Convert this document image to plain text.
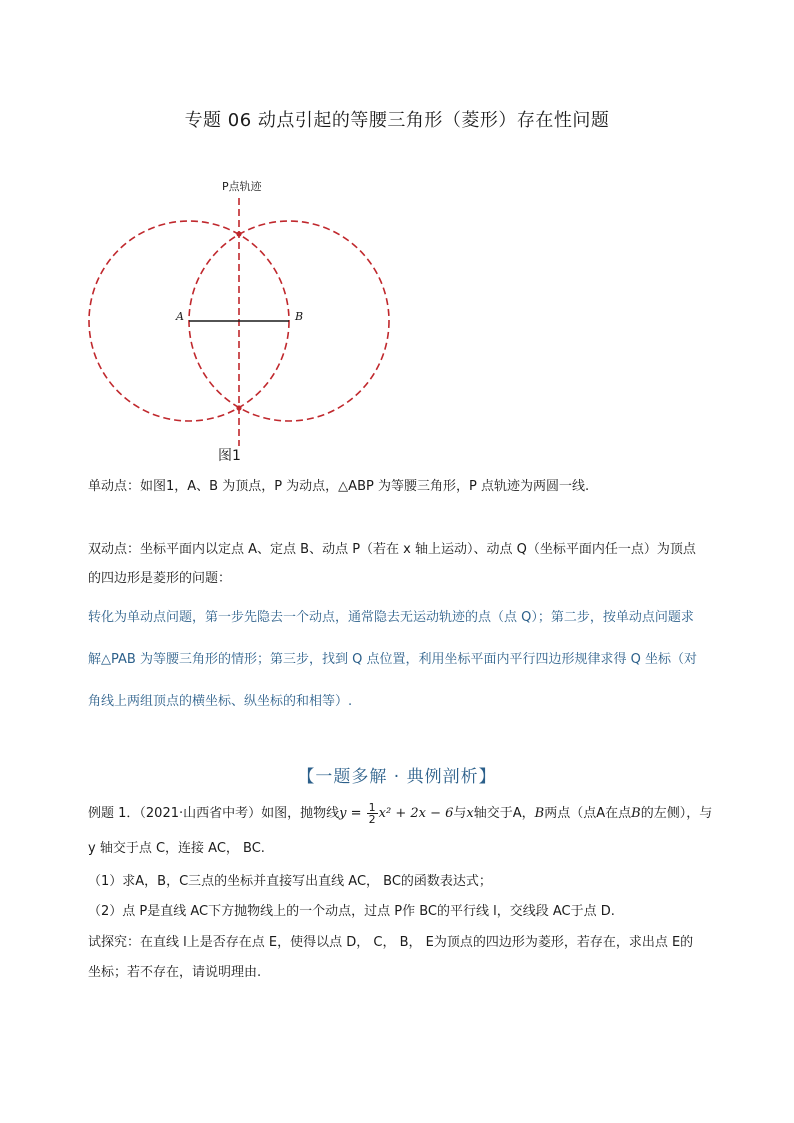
专题 06 动点引起的等腰三角形（菱形）存在性问题
P点轨迹
A	B
图1
单动点：如图1，A、B 为顶点，P 为动点，△ABP 为等腰三角形，P 点轨迹为两圆一线.
双动点：坐标平面内以定点 A、定点 B、动点 P（若在 x 轴上运动）、动点 Q（坐标平面内任一点）为顶点
的四边形是菱形的问题：
转化为单动点问题，第一步先隐去一个动点，通常隐去无运动轨迹的点（点 Q）；第二步，按单动点问题求
解△PAB 为等腰三角形的情形；第三步，找到 Q 点位置，利用坐标平面内平行四边形规律求得 Q 坐标（对
角线上两组顶点的横坐标、纵坐标的和相等）.
【一题多解 · 典例剖析】
例题 1．（2021·山西省中考）如图，抛物线$y = \frac{1}{2} x^2 + 2x - 6$与x轴交于A，B两点（点A在点B的左侧），与
y 轴交于点 C，连接 AC， BC.
（1）求A，B，C三点的坐标并直接写出直线 AC， BC的函数表达式；
（2）点 P是直线 AC下方抛物线上的一个动点，过点 P作 BC的平行线 l，交线段 AC于点 D.
试探究：在直线 l上是否存在点 E，使得以点 D， C， B， E为顶点的四边形为菱形，若存在，求出点 E的
坐标；若不存在，请说明理由.
